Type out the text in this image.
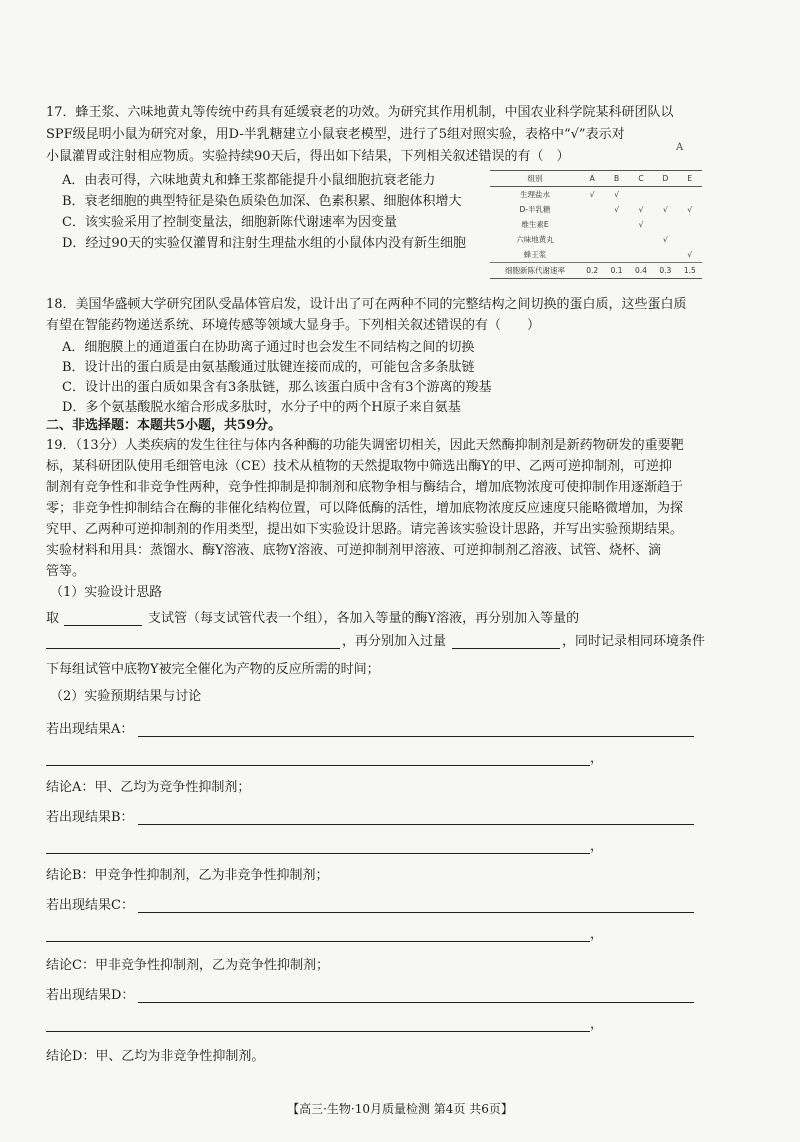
17．蜂王浆、六味地黄丸等传统中药具有延缓衰老的功效。为研究其作用机制，中国农业科学院某科研团队以
SPF级昆明小鼠为研究对象，用D-半乳糖建立小鼠衰老模型，进行了5组对照实验，表格中“√”表示对
小鼠灌胃或注射相应物质。实验持续90天后，得出如下结果，下列相关叙述错误的有（　）
A
A．由表可得，六味地黄丸和蜂王浆都能提升小鼠细胞抗衰老能力
B．衰老细胞的典型特征是染色质染色加深、色素积累、细胞体积增大
C．该实验采用了控制变量法，细胞新陈代谢速率为因变量
D．经过90天的实验仅灌胃和注射生理盐水组的小鼠体内没有新生细胞
组别	A	B	C	D	E
生理盐水	√	√			
D-半乳糖		√	√	√	√
维生素E			√		
六味地黄丸				√	
蜂王浆					√
细胞新陈代谢速率	0.2	0.1	0.4	0.3	1.5
18．美国华盛顿大学研究团队受晶体管启发，设计出了可在两种不同的完整结构之间切换的蛋白质，这些蛋白质
有望在智能药物递送系统、环境传感等领域大显身手。下列相关叙述错误的有（　　）
A．细胞膜上的通道蛋白在协助离子通过时也会发生不同结构之间的切换
B．设计出的蛋白质是由氨基酸通过肽键连接而成的，可能包含多条肽链
C．设计出的蛋白质如果含有3条肽链，那么该蛋白质中含有3个游离的羧基
D．多个氨基酸脱水缩合形成多肽时，水分子中的两个H原子来自氨基
二、非选择题：本题共5小题，共59分。
19．（13分）人类疾病的发生往往与体内各种酶的功能失调密切相关，因此天然酶抑制剂是新药物研发的重要靶
标，某科研团队使用毛细管电泳（CE）技术从植物的天然提取物中筛选出酶Y的甲、乙两可逆抑制剂，可逆抑
制剂有竞争性和非竞争性两种，竞争性抑制是抑制剂和底物争相与酶结合，增加底物浓度可使抑制作用逐渐趋于
零；非竞争性抑制结合在酶的非催化结构位置，可以降低酶的活性，增加底物浓度反应速度只能略微增加，为探
究甲、乙两种可逆抑制剂的作用类型，提出如下实验设计思路。请完善该实验设计思路，并写出实验预期结果。
实验材料和用具：蒸馏水、酶Y溶液、底物Y溶液、可逆抑制剂甲溶液、可逆抑制剂乙溶液、试管、烧杯、滴
管等。
（1）实验设计思路
取	支试管（每支试管代表一个组），各加入等量的酶Y溶液，再分别加入等量的
，再分别加入过量	，同时记录相同环境条件
下每组试管中底物Y被完全催化为产物的反应所需的时间；
（2）实验预期结果与讨论
若出现结果A：
，
结论A：甲、乙均为竞争性抑制剂；
若出现结果B：
，
结论B：甲竞争性抑制剂，乙为非竞争性抑制剂；
若出现结果C：
，
结论C：甲非竞争性抑制剂，乙为竞争性抑制剂；
若出现结果D：
，
结论D：甲、乙均为非竞争性抑制剂。
【高三·生物·10月质量检测 第4页 共6页】
